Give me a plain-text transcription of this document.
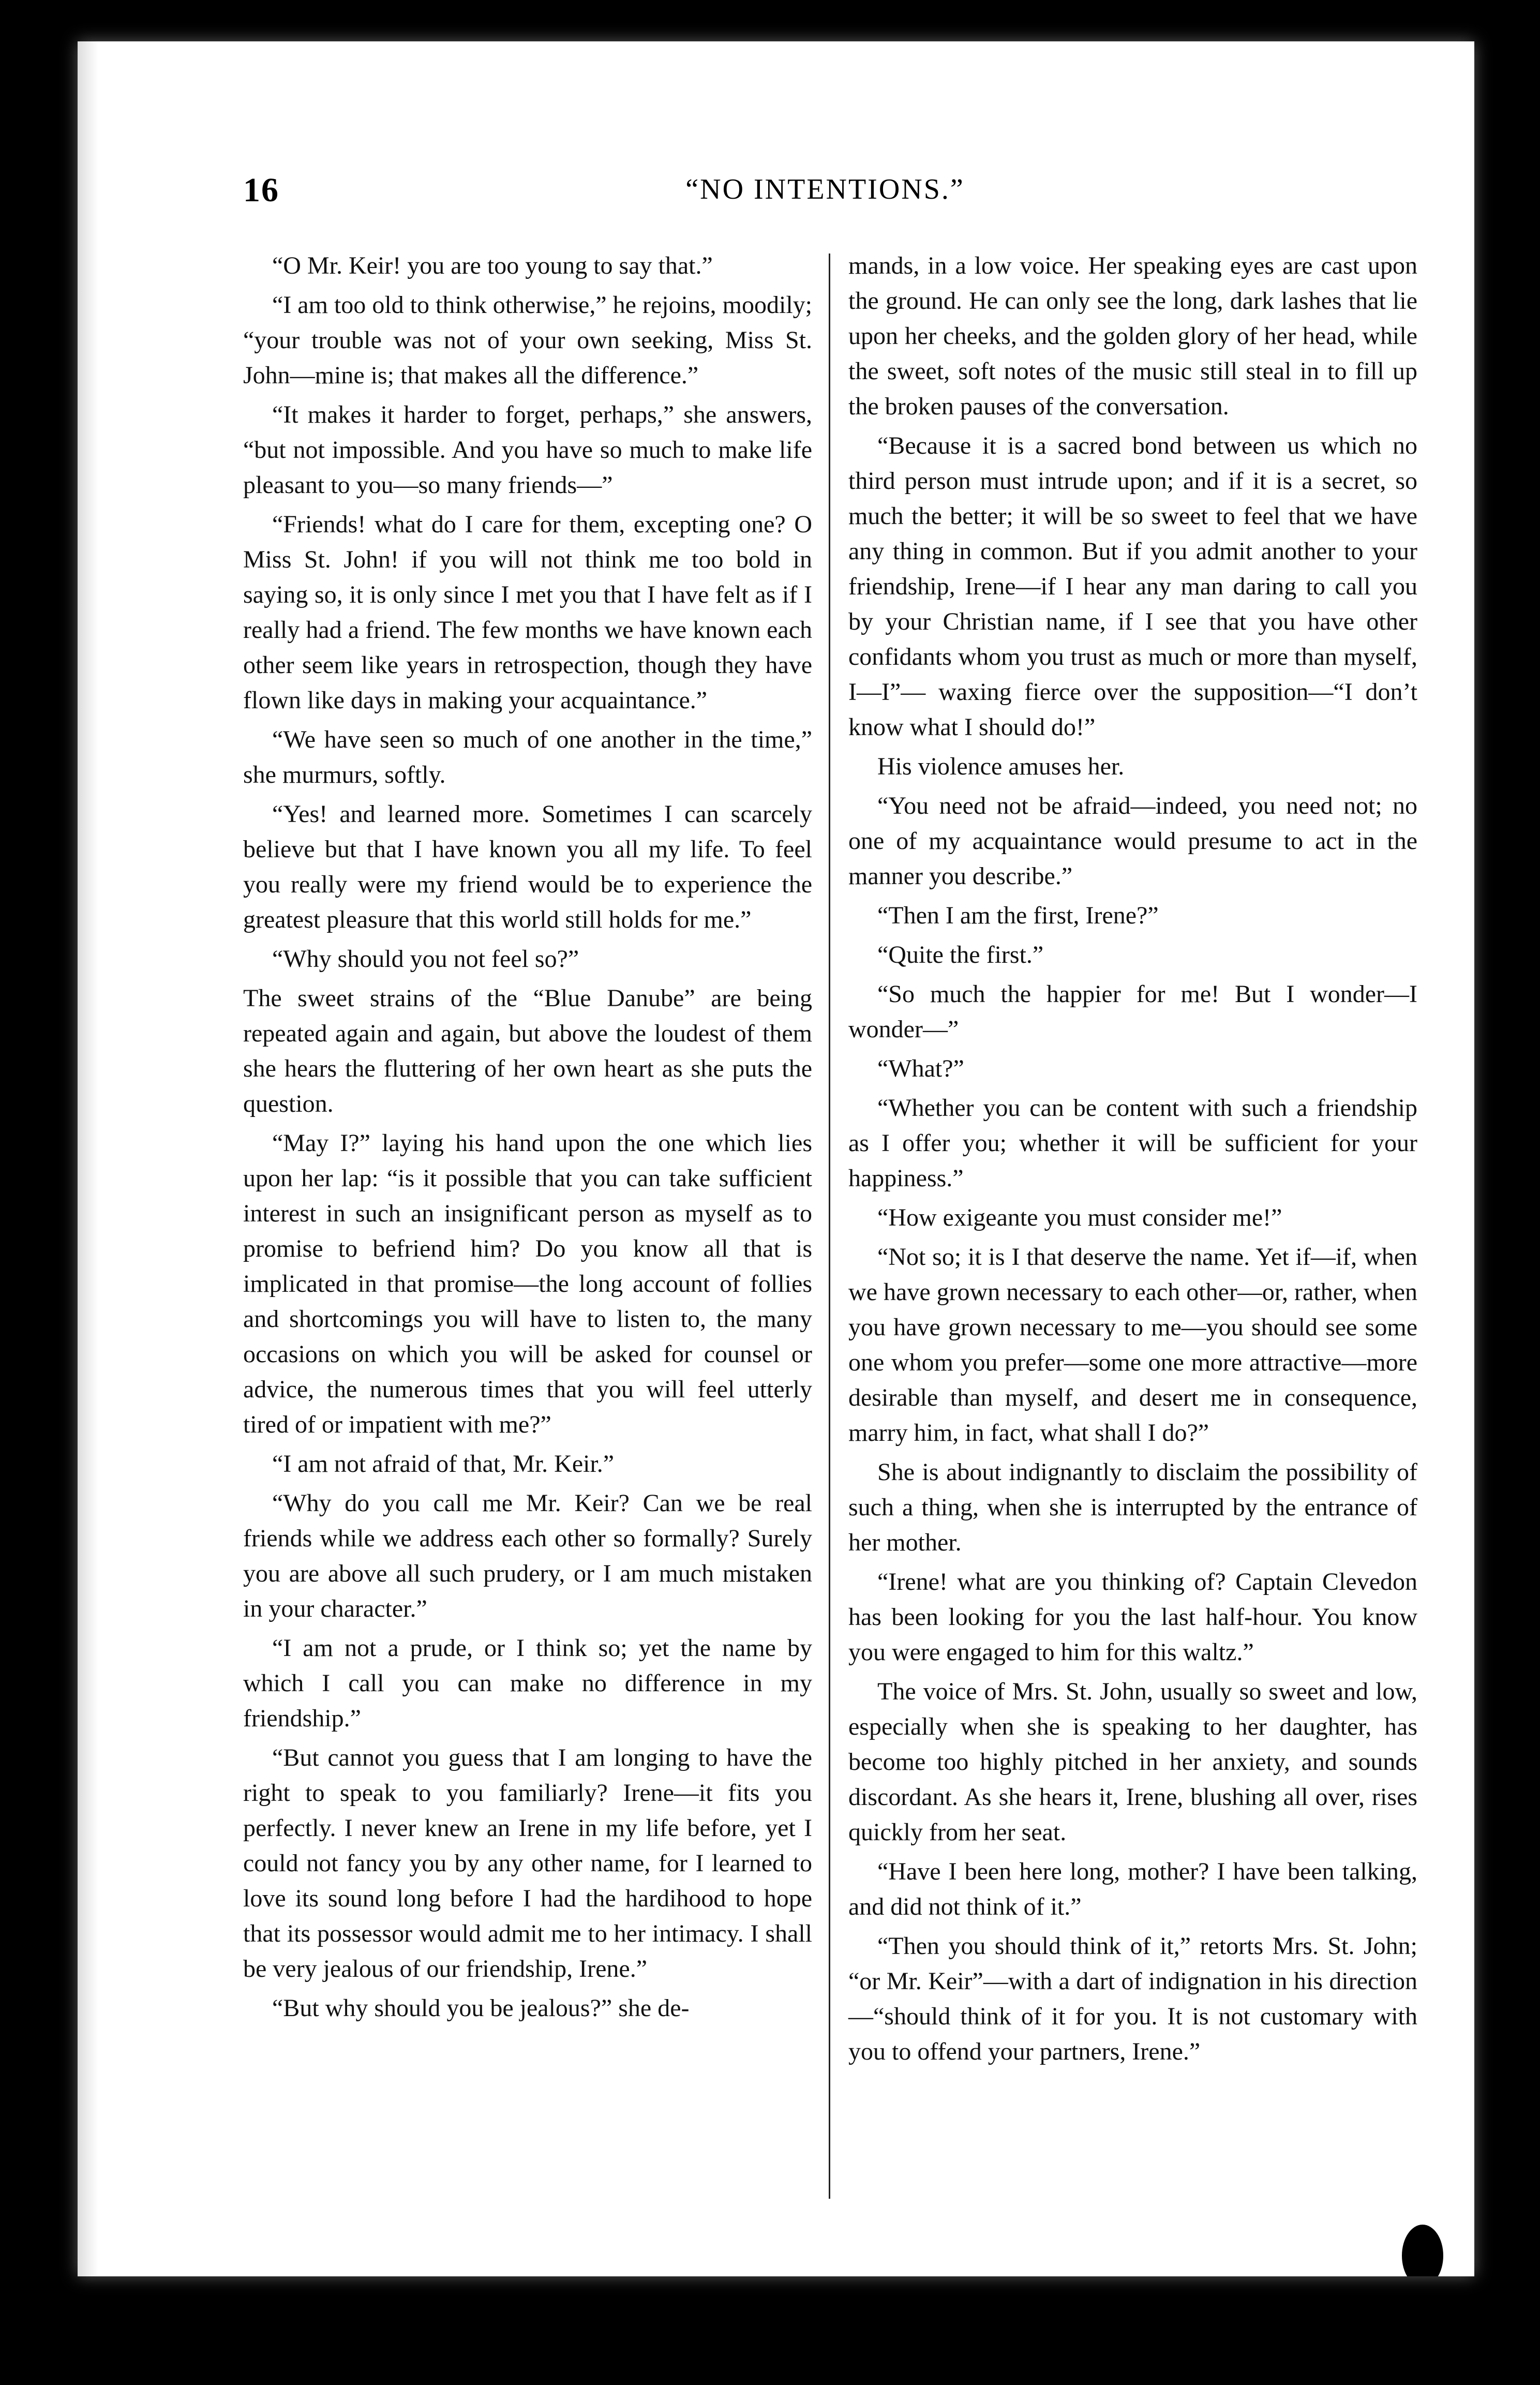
16	“NO INTENTIONS.”

“O Mr. Keir! you are too young to say that.”

“I am too old to think otherwise,” he rejoins, moodily; “your trouble was not of your own seeking, Miss St. John—mine is; that makes all the difference.”

“It makes it harder to forget, perhaps,” she answers, “but not impossible. And you have so much to make life pleasant to you—so many friends—”

“Friends! what do I care for them, excepting one? O Miss St. John! if you will not think me too bold in saying so, it is only since I met you that I have felt as if I really had a friend. The few months we have known each other seem like years in retrospection, though they have flown like days in making your acquaintance.”

“We have seen so much of one another in the time,” she murmurs, softly.

“Yes! and learned more. Sometimes I can scarcely believe but that I have known you all my life. To feel you really were my friend would be to experience the greatest pleasure that this world still holds for me.”

“Why should you not feel so?”

The sweet strains of the “Blue Danube” are being repeated again and again, but above the loudest of them she hears the fluttering of her own heart as she puts the question.

“May I?” laying his hand upon the one which lies upon her lap: “is it possible that you can take sufficient interest in such an insignificant person as myself as to promise to befriend him? Do you know all that is implicated in that promise—the long account of follies and shortcomings you will have to listen to, the many occasions on which you will be asked for counsel or advice, the numerous times that you will feel utterly tired of or impatient with me?”

“I am not afraid of that, Mr. Keir.”

“Why do you call me Mr. Keir? Can we be real friends while we address each other so formally? Surely you are above all such prudery, or I am much mistaken in your character.”

“I am not a prude, or I think so; yet the name by which I call you can make no difference in my friendship.”

“But cannot you guess that I am longing to have the right to speak to you familiarly? Irene—it fits you perfectly. I never knew an Irene in my life before, yet I could not fancy you by any other name, for I learned to love its sound long before I had the hardihood to hope that its possessor would admit me to her intimacy. I shall be very jealous of our friendship, Irene.”

“But why should you be jealous?” she de-

mands, in a low voice. Her speaking eyes are cast upon the ground. He can only see the long, dark lashes that lie upon her cheeks, and the golden glory of her head, while the sweet, soft notes of the music still steal in to fill up the broken pauses of the conversation.

“Because it is a sacred bond between us which no third person must intrude upon; and if it is a secret, so much the better; it will be so sweet to feel that we have any thing in common. But if you admit another to your friendship, Irene—if I hear any man daring to call you by your Christian name, if I see that you have other confidants whom you trust as much or more than myself, I—I”— waxing fierce over the supposition—“I don’t know what I should do!”

His violence amuses her.

“You need not be afraid—indeed, you need not; no one of my acquaintance would presume to act in the manner you describe.”

“Then I am the first, Irene?”

“Quite the first.”

“So much the happier for me! But I wonder—I wonder—”

“What?”

“Whether you can be content with such a friendship as I offer you; whether it will be sufficient for your happiness.”

“How exigeante you must consider me!”

“Not so; it is I that deserve the name. Yet if—if, when we have grown necessary to each other—or, rather, when you have grown necessary to me—you should see some one whom you prefer—some one more attractive—more desirable than myself, and desert me in consequence, marry him, in fact, what shall I do?”

She is about indignantly to disclaim the possibility of such a thing, when she is interrupted by the entrance of her mother.

“Irene! what are you thinking of? Captain Clevedon has been looking for you the last half-hour. You know you were engaged to him for this waltz.”

The voice of Mrs. St. John, usually so sweet and low, especially when she is speaking to her daughter, has become too highly pitched in her anxiety, and sounds discordant. As she hears it, Irene, blushing all over, rises quickly from her seat.

“Have I been here long, mother? I have been talking, and did not think of it.”

“Then you should think of it,” retorts Mrs. St. John; “or Mr. Keir”—with a dart of indignation in his direction—“should think of it for you. It is not customary with you to offend your partners, Irene.”
